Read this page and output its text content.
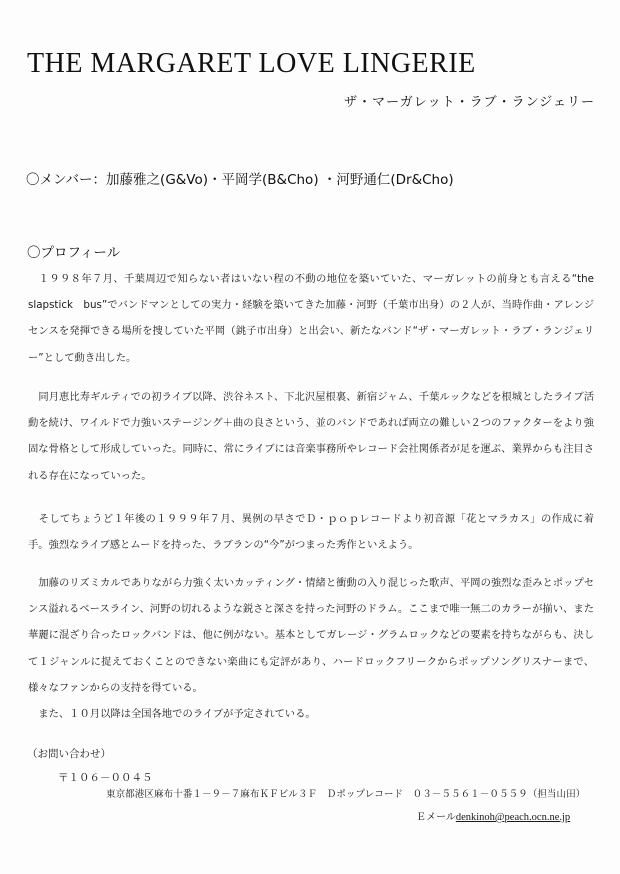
THE MARGARET LOVE LINGERIE
ザ・マーガレット・ラブ・ランジェリー
〇メンバー：加藤雅之(G&Vo)・平岡学(B&Cho) ・河野通仁(Dr&Cho)
〇プロフィール
　１９９８年７月、千葉周辺で知らない者はいない程の不動の地位を築いていた、マーガレットの前身とも言える“the slapstick　bus”でバンドマンとしての実力・経験を築いてきた加藤・河野（千葉市出身）の２人が、当時作曲・アレンジセンスを発揮できる場所を捜していた平岡（銚子市出身）と出会い、新たなバンド“ザ・マーガレット・ラブ・ランジェリー”として動き出した。
　同月恵比寿ギルティでの初ライブ以降、渋谷ネスト、下北沢屋根裏、新宿ジャム、千葉ルックなどを根城としたライブ活動を続け、ワイルドで力強いステージング＋曲の良さという、並のバンドであれば両立の難しい２つのファクターをより強固な骨格として形成していった。同時に、常にライブには音楽事務所やレコード会社関係者が足を運ぶ、業界からも注目される存在になっていった。
　そしてちょうど１年後の１９９９年７月、異例の早さでＤ・ｐｏｐレコードより初音源「花とマラカス」の作成に着手。強烈なライブ感とムードを持った、ラブランの“今”がつまった秀作といえよう。
　加藤のリズミカルでありながら力強く太いカッティング・情緒と衝動の入り混じった歌声、平岡の強烈な歪みとポップセンス溢れるベースライン、河野の切れるような鋭さと深さを持った河野のドラム。ここまで唯一無二のカラーが揃い、また華麗に混ざり合ったロックバンドは、他に例がない。基本としてガレージ・グラムロックなどの要素を持ちながらも、決して１ジャンルに捉えておくことのできない楽曲にも定評があり、ハードロックフリークからポップソングリスナーまで、様々なファンからの支持を得ている。
　また、１０月以降は全国各地でのライブが予定されている。
（お問い合わせ）
〒１０６－００４５
東京都港区麻布十番１－９－７麻布ＫＦビル３Ｆ　Ｄポップレコード　０３－５５６１－０５５９（担当山田）
Ｅメールdenkinoh@peach.ocn.ne.jp
